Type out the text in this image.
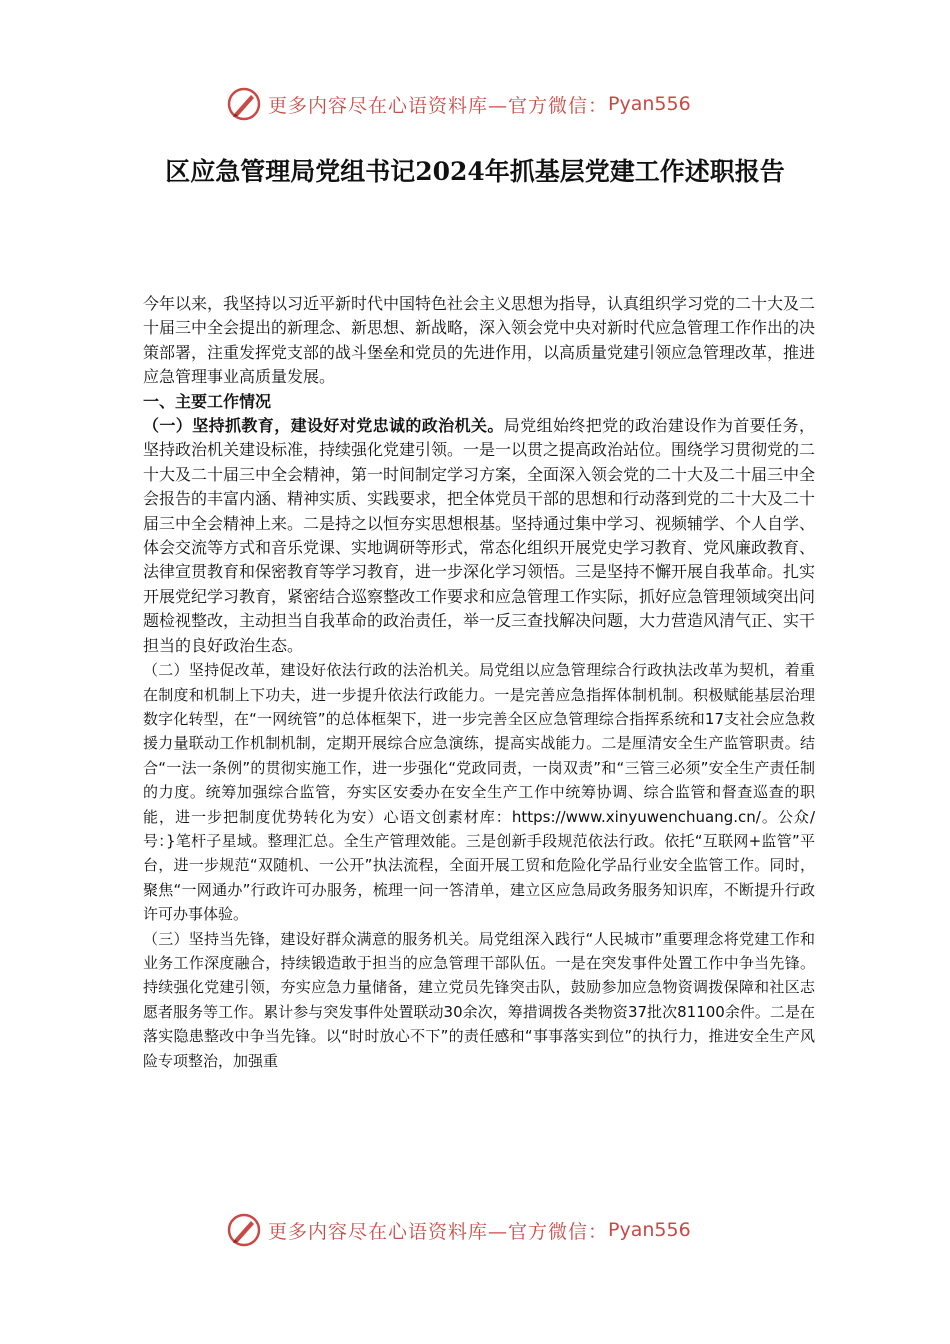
更多内容尽在心语资料库—官方微信： Pyan556
区应急管理局党组书记2024年抓基层党建工作述职报告

今年以来，我坚持以习近平新时代中国特色社会主义思想为指导，认真组织学习党的二十大及二十届三中全会提出的新理念、新思想、新战略，深入领会党中央对新时代应急管理工作作出的决策部署，注重发挥党支部的战斗堡垒和党员的先进作用，以高质量党建引领应急管理改革，推进应急管理事业高质量发展。

一、主要工作情况

（一）坚持抓教育，建设好对党忠诚的政治机关。局党组始终把党的政治建设作为首要任务，坚持政治机关建设标准，持续强化党建引领。一是一以贯之提高政治站位。围绕学习贯彻党的二十大及二十届三中全会精神，第一时间制定学习方案，全面深入领会党的二十大及二十届三中全会报告的丰富内涵、精神实质、实践要求，把全体党员干部的思想和行动落到党的二十大及二十届三中全会精神上来。二是持之以恒夯实思想根基。坚持通过集中学习、视频辅学、个人自学、体会交流等方式和音乐党课、实地调研等形式，常态化组织开展党史学习教育、党风廉政教育、法律宣贯教育和保密教育等学习教育，进一步深化学习领悟。三是坚持不懈开展自我革命。扎实开展党纪学习教育，紧密结合巡察整改工作要求和应急管理工作实际，抓好应急管理领域突出问题检视整改，主动担当自我革命的政治责任，举一反三查找解决问题，大力营造风清气正、实干担当的良好政治生态。

（二）坚持促改革，建设好依法行政的法治机关。局党组以应急管理综合行政执法改革为契机，着重在制度和机制上下功夫，进一步提升依法行政能力。一是完善应急指挥体制机制。积极赋能基层治理数字化转型，在“一网统管”的总体框架下，进一步完善全区应急管理综合指挥系统和17支社会应急救援力量联动工作机制机制，定期开展综合应急演练，提高实战能力。二是厘清安全生产监管职责。结合“一法一条例”的贯彻实施工作，进一步强化“党政同责，一岗双责”和“三管三必须”安全生产责任制的力度。统筹加强综合监管，夯实区安委办在安全生产工作中统筹协调、综合监管和督查巡查的职能，进一步把制度优势转化为安）心语文创素材库：https://www.xinyuwenchuang.cn/。公众/号：}笔杆子星域。整理汇总。全生产管理效能。三是创新手段规范依法行政。依托“互联网+监管”平台，进一步规范“双随机、一公开”执法流程，全面开展工贸和危险化学品行业安全监管工作。同时，聚焦“一网通办”行政许可办服务，梳理一问一答清单，建立区应急局政务服务知识库，不断提升行政许可办事体验。

（三）坚持当先锋，建设好群众满意的服务机关。局党组深入践行“人民城市”重要理念将党建工作和业务工作深度融合，持续锻造敢于担当的应急管理干部队伍。一是在突发事件处置工作中争当先锋。持续强化党建引领，夯实应急力量储备，建立党员先锋突击队，鼓励参加应急物资调拨保障和社区志愿者服务等工作。累计参与突发事件处置联动30余次，筹措调拨各类物资37批次81100余件。二是在落实隐患整改中争当先锋。以“时时放心不下”的责任感和“事事落实到位”的执行力，推进安全生产风险专项整治，加强重

更多内容尽在心语资料库—官方微信： Pyan556
